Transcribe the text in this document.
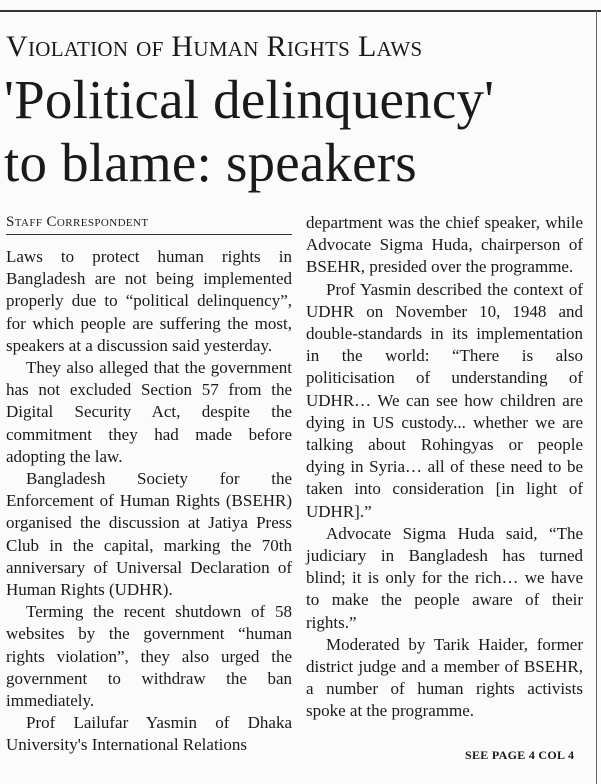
Violation of Human Rights Laws
'Political delinquency'
to blame: speakers
Staff Correspondent

Laws to protect human rights in Bangladesh are not being implemented properly due to “political delinquency”, for which people are suffering the most, speakers at a discussion said yesterday.

They also alleged that the government has not excluded Section 57 from the Digital Security Act, despite the commitment they had made before adopting the law.

Bangladesh Society for the Enforcement of Human Rights (BSEHR) organised the discussion at Jatiya Press Club in the capital, marking the 70th anniversary of Universal Declaration of Human Rights (UDHR).

Terming the recent shutdown of 58 websites by the government “human rights violation”, they also urged the government to withdraw the ban immediately.

Prof Lailufar Yasmin of Dhaka University's International Relations

department was the chief speaker, while Advocate Sigma Huda, chairperson of BSEHR, presided over the programme.

Prof Yasmin described the context of UDHR on November 10, 1948 and double-standards in its implementation in the world: “There is also politicisation of understanding of UDHR… We can see how children are dying in US custody... whether we are talking about Rohingyas or people dying in Syria… all of these need to be taken into consideration [in light of UDHR].”

Advocate Sigma Huda said, “The judiciary in Bangladesh has turned blind; it is only for the rich… we have to make the people aware of their rights.”

Moderated by Tarik Haider, former district judge and a member of BSEHR, a number of human rights activists spoke at the programme.

SEE PAGE 4 COL 4
